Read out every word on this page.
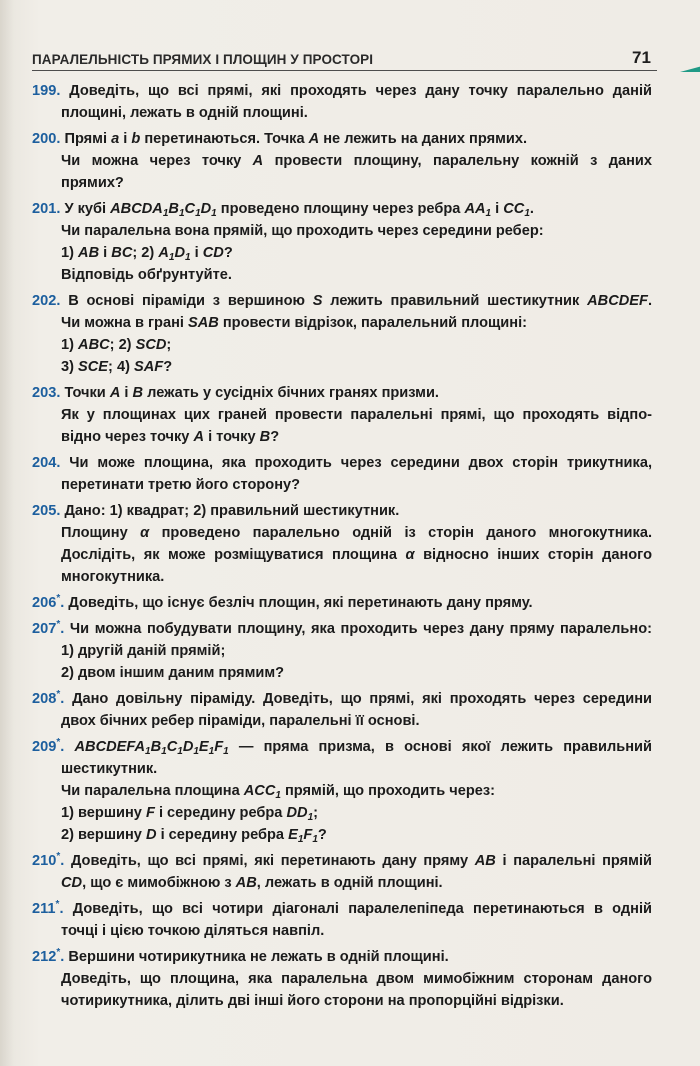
ПАРАЛЕЛЬНІСТЬ ПРЯМИХ І ПЛОЩИН У ПРОСТОРІ	71
199. Доведіть, що всі прямі, які проходять через дану точку паралельно даній
площині, лежать в одній площині.
200. Прямі a і b перетинаються. Точка A не лежить на даних прямих.
Чи можна через точку A провести площину, паралельну кожній з даних
прямих?
201. У кубі $ABCDA_1B_1C_1D_1$ проведено площину через ребра $AA_1$ і $CC_1$.
Чи паралельна вона прямій, що проходить через середини ребер:
1) AB і BC; 2) $A_1D_1$ і CD?
Відповідь обґрунтуйте.
202. В основі піраміди з вершиною S лежить правильний шестикутник ABCDEF.
Чи можна в грані SAB провести відрізок, паралельний площині:
1) ABC; 2) SCD;
3) SCE; 4) SAF?
203. Точки A і B лежать у сусідніх бічних гранях призми.
Як у площинах цих граней провести паралельні прямі, що проходять відпо-
відно через точку A і точку B?
204. Чи може площина, яка проходить через середини двох сторін трикутника,
перетинати третю його сторону?
205. Дано: 1) квадрат; 2) правильний шестикутник.
Площину α проведено паралельно одній із сторін даного многокутника.
Дослідіть, як може розміщуватися площина α відносно інших сторін даного
многокутника.
206*. Доведіть, що існує безліч площин, які перетинають дану пряму.
207*. Чи можна побудувати площину, яка проходить через дану пряму паралельно:
1) другій даній прямій;
2) двом іншим даним прямим?
208*. Дано довільну піраміду. Доведіть, що прямі, які проходять через середини
двох бічних ребер піраміди, паралельні її основі.
209*. $ABCDEFA_1B_1C_1D_1E_1F_1$ — пряма призма, в основі якої лежить правильний
шестикутник.
Чи паралельна площина $ACC_1$ прямій, що проходить через:
1) вершину F і середину ребра $DD_1$;
2) вершину D і середину ребра $E_1F_1$?
210*. Доведіть, що всі прямі, які перетинають дану пряму AB і паралельні прямій
CD, що є мимобіжною з AB, лежать в одній площині.
211*. Доведіть, що всі чотири діагоналі паралелепіпеда перетинаються в одній
точці і цією точкою діляться навпіл.
212*. Вершини чотирикутника не лежать в одній площині.
Доведіть, що площина, яка паралельна двом мимобіжним сторонам даного
чотирикутника, ділить дві інші його сторони на пропорційні відрізки.
